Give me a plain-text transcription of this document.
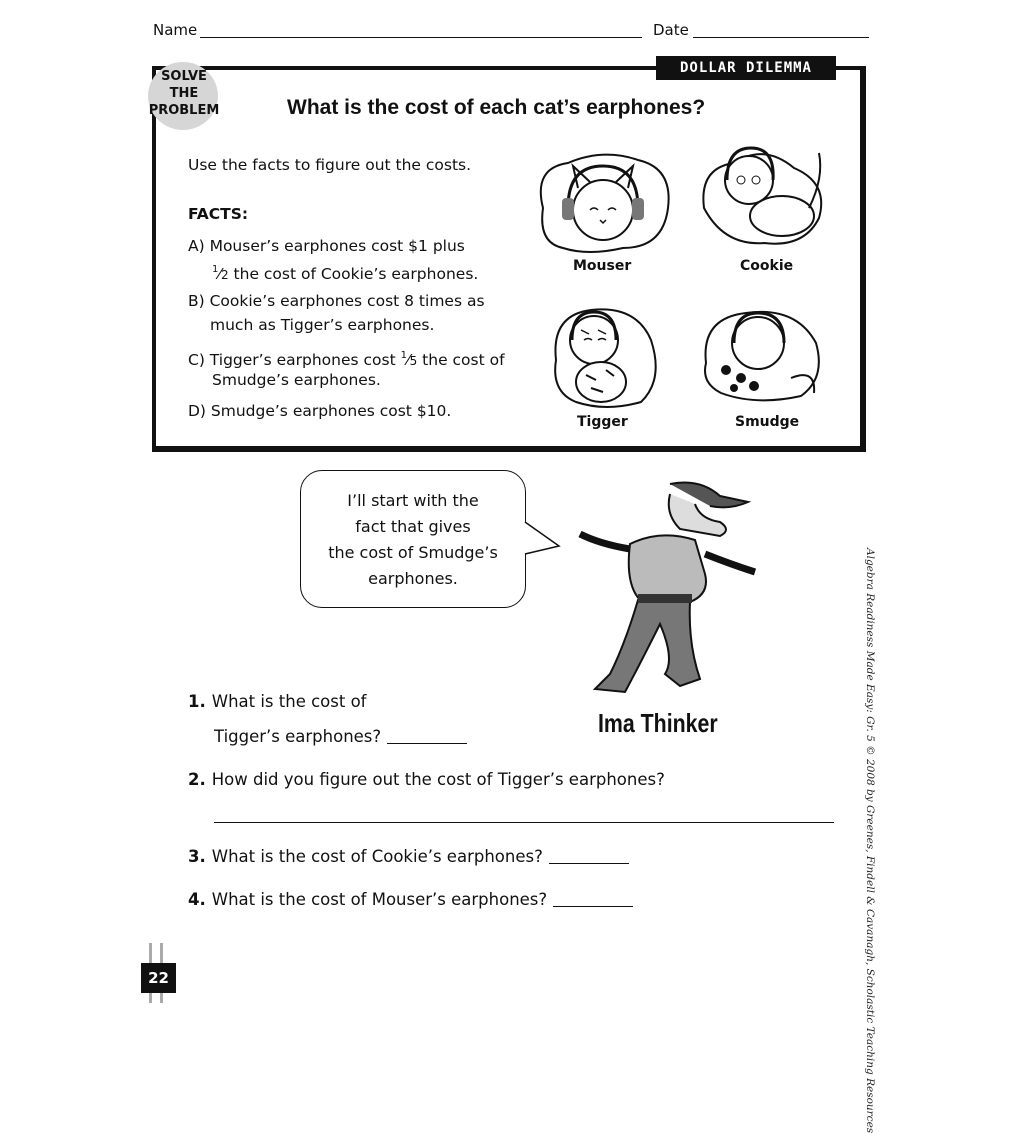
Name	Date
DOLLAR DILEMMA
SOLVE
THE
PROBLEM	What is the cost of each cat’s earphones?
Use the facts to figure out the costs.
FACTS:
A) Mouser’s earphones cost $1 plus
$^1$⁄2 the cost of Cookie’s earphones.
B) Cookie’s earphones cost 8 times as
much as Tigger’s earphones.
C) Tigger’s earphones cost $^1$⁄5 the cost of
Smudge’s earphones.
D) Smudge’s earphones cost $10.
Mouser	Cookie
Tigger	Smudge
I’ll start with the
fact that gives
the cost of Smudge’s
earphones.
Ima Thinker
1. What is the cost of
Tigger’s earphones?
2. How did you figure out the cost of Tigger’s earphones?
3. What is the cost of Cookie’s earphones?
4. What is the cost of Mouser’s earphones?
22	Algebra Readiness Made Easy: Gr. 5 © 2008 by Greenes, Findell & Cavanagh, Scholastic Teaching Resources
